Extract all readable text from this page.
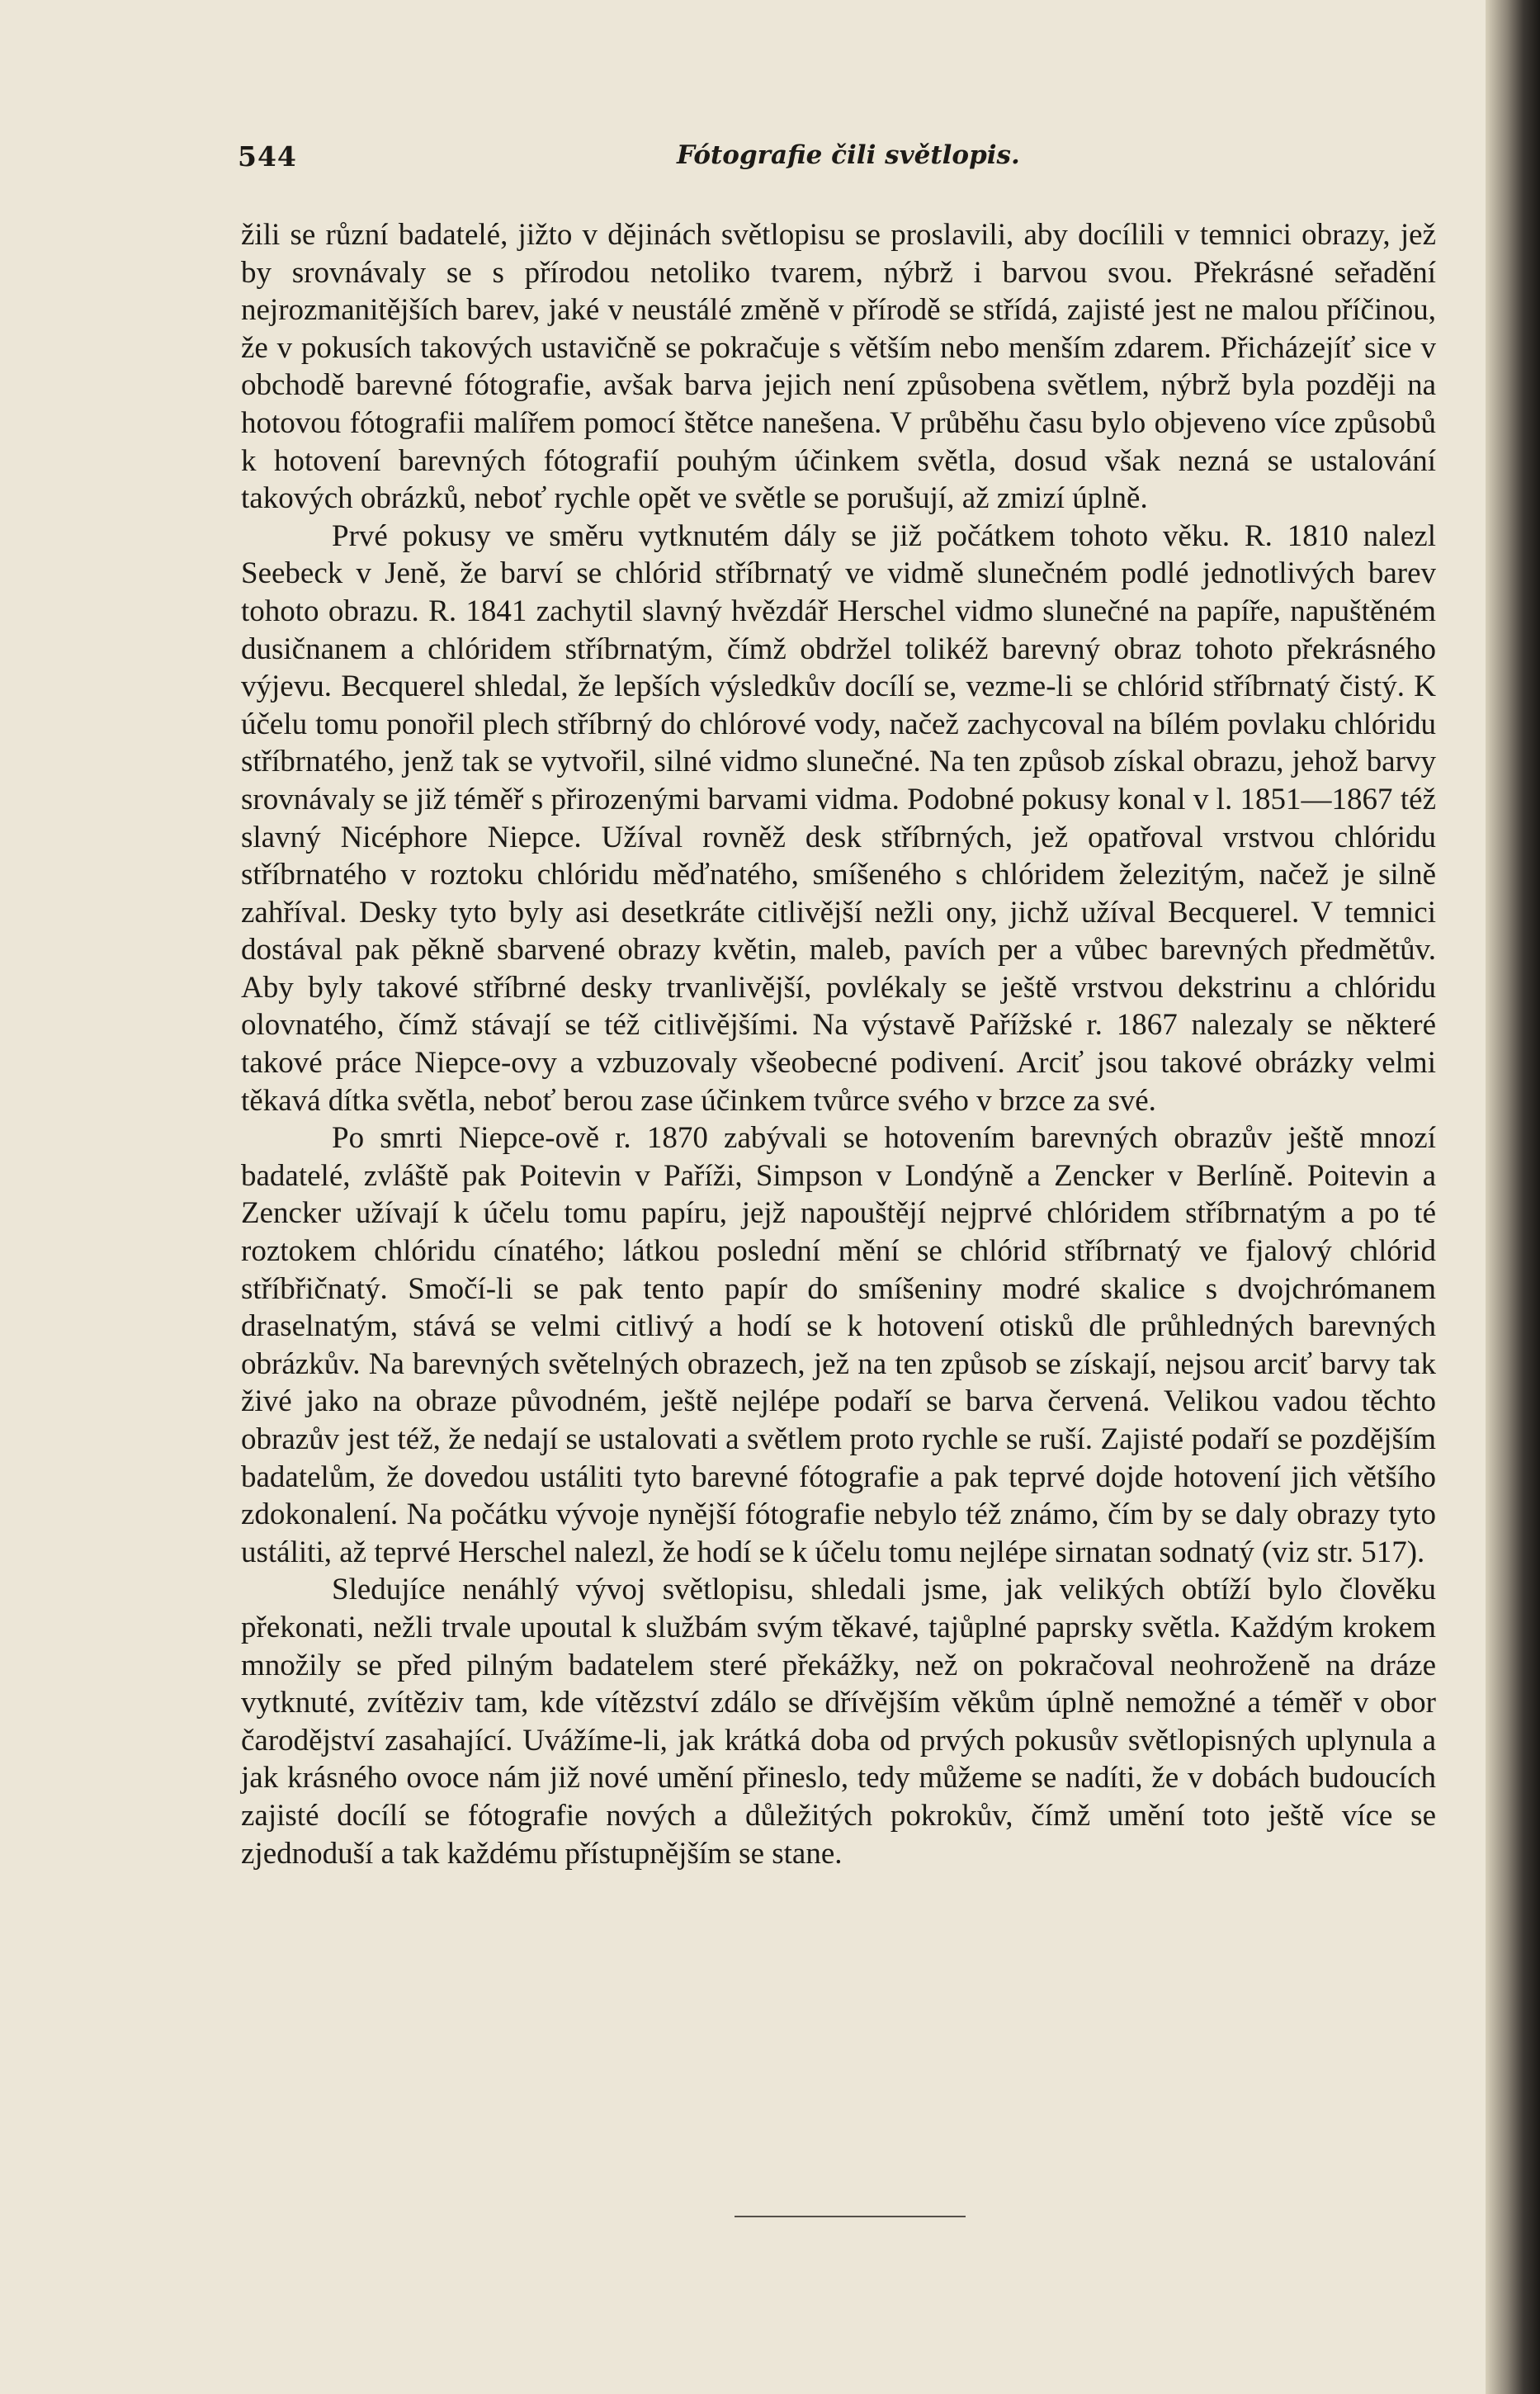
544	Fótografie čili světlopis.

žili se různí badatelé, jižto v dějinách světlopisu se proslavili, aby docílili v temnici obrazy, jež by srovnávaly se s přírodou netoliko tvarem, nýbrž i barvou svou. Překrásné seřadění nejrozmanitějších barev, jaké v neustálé změně v přírodě se střídá, zajisté jest ne malou příčinou, že v pokusích takových ustavičně se pokračuje s větším nebo menším zdarem. Přicházejíť sice v obchodě barevné fótografie, avšak barva jejich není způsobena světlem, nýbrž byla později na hotovou fótografii malířem pomocí štětce nanešena. V průběhu času bylo objeveno více způsobů k hotovení barevných fótografií pouhým účinkem světla, dosud však nezná se ustalování takových obrázků, neboť rychle opět ve světle se porušují, až zmizí úplně.

Prvé pokusy ve směru vytknutém dály se již počátkem tohoto věku. R. 1810 nalezl Seebeck v Jeně, že barví se chlórid stříbrnatý ve vidmě slunečném podlé jednotlivých barev tohoto obrazu. R. 1841 zachytil slavný hvězdář Herschel vidmo slunečné na papíře, napuštěném dusičnanem a chlóridem stříbrnatým, čímž obdržel tolikéž barevný obraz tohoto překrásného výjevu. Becquerel shledal, že lepších výsledkův docílí se, vezme-li se chlórid stříbrnatý čistý. K účelu tomu ponořil plech stříbrný do chlórové vody, načež zachycoval na bílém povlaku chlóridu stříbrnatého, jenž tak se vytvořil, silné vidmo slunečné. Na ten způsob získal obrazu, jehož barvy srovnávaly se již téměř s přirozenými barvami vidma. Podobné pokusy konal v l. 1851—1867 též slavný Nicéphore Niepce. Užíval rovněž desk stříbrných, jež opatřoval vrstvou chlóridu stříbrnatého v roztoku chlóridu měďnatého, smíšeného s chlóridem železitým, načež je silně zahříval. Desky tyto byly asi desetkráte citlivější nežli ony, jichž užíval Becquerel. V temnici dostával pak pěkně sbarvené obrazy květin, maleb, pavích per a vůbec barevných předmětův. Aby byly takové stříbrné desky trvanlivější, povlékaly se ještě vrstvou dekstrinu a chlóridu olovnatého, čímž stávají se též citlivějšími. Na výstavě Pařížské r. 1867 nalezaly se některé takové práce Niepce-ovy a vzbuzovaly všeobecné podivení. Arciť jsou takové obrázky velmi těkavá dítka světla, neboť berou zase účinkem tvůrce svého v brzce za své.

Po smrti Niepce-ově r. 1870 zabývali se hotovením barevných obrazův ještě mnozí badatelé, zvláště pak Poitevin v Paříži, Simpson v Londýně a Zencker v Berlíně. Poitevin a Zencker užívají k účelu tomu papíru, jejž napouštějí nejprvé chlóridem stříbrnatým a po té roztokem chlóridu cínatého; látkou poslední mění se chlórid stříbrnatý ve fjalový chlórid stříbřičnatý. Smočí-li se pak tento papír do smíšeniny modré skalice s dvojchrómanem draselnatým, stává se velmi citlivý a hodí se k hotovení otisků dle průhledných barevných obrázkův. Na barevných světelných obrazech, jež na ten způsob se získají, nejsou arciť barvy tak živé jako na obraze původném, ještě nejlépe podaří se barva červená. Velikou vadou těchto obrazův jest též, že nedají se ustalovati a světlem proto rychle se ruší. Zajisté podaří se pozdějším badatelům, že dovedou ustáliti tyto barevné fótografie a pak teprvé dojde hotovení jich většího zdokonalení. Na počátku vývoje nynější fótografie nebylo též známo, čím by se daly obrazy tyto ustáliti, až teprvé Herschel nalezl, že hodí se k účelu tomu nejlépe sirnatan sodnatý (viz str. 517).

Sledujíce nenáhlý vývoj světlopisu, shledali jsme, jak velikých obtíží bylo člověku překonati, nežli trvale upoutal k službám svým těkavé, tajůplné paprsky světla. Každým krokem množily se před pilným badatelem steré překážky, než on pokračoval neohroženě na dráze vytknuté, zvítěziv tam, kde vítězství zdálo se dřívějším věkům úplně nemožné a téměř v obor čarodějství zasahající. Uvážíme-li, jak krátká doba od prvých pokusův světlopisných uplynula a jak krásného ovoce nám již nové umění přineslo, tedy můžeme se nadíti, že v dobách budoucích zajisté docílí se fótografie nových a důležitých pokrokův, čímž umění toto ještě více se zjednoduší a tak každému přístupnějším se stane.
